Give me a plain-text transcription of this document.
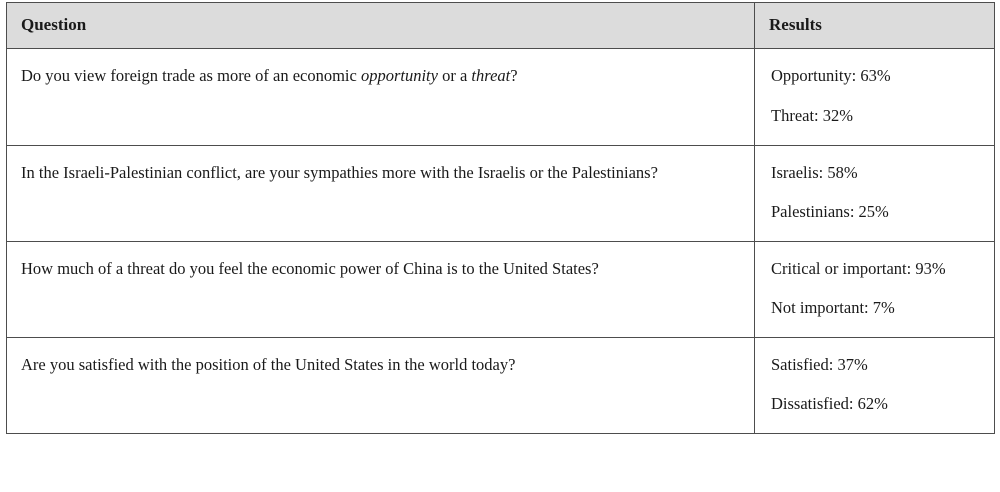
Question	Results

Do you view foreign trade as more of an economic opportunity or a threat?	Opportunity: 63%
Threat: 32%

In the Israeli-Palestinian conflict, are your sympathies more with the Israelis or the Palestinians?	Israelis: 58%
Palestinians: 25%

How much of a threat do you feel the economic power of China is to the United States?	Critical or important: 93%
Not important: 7%

Are you satisfied with the position of the United States in the world today?	Satisfied: 37%
Dissatisfied: 62%
